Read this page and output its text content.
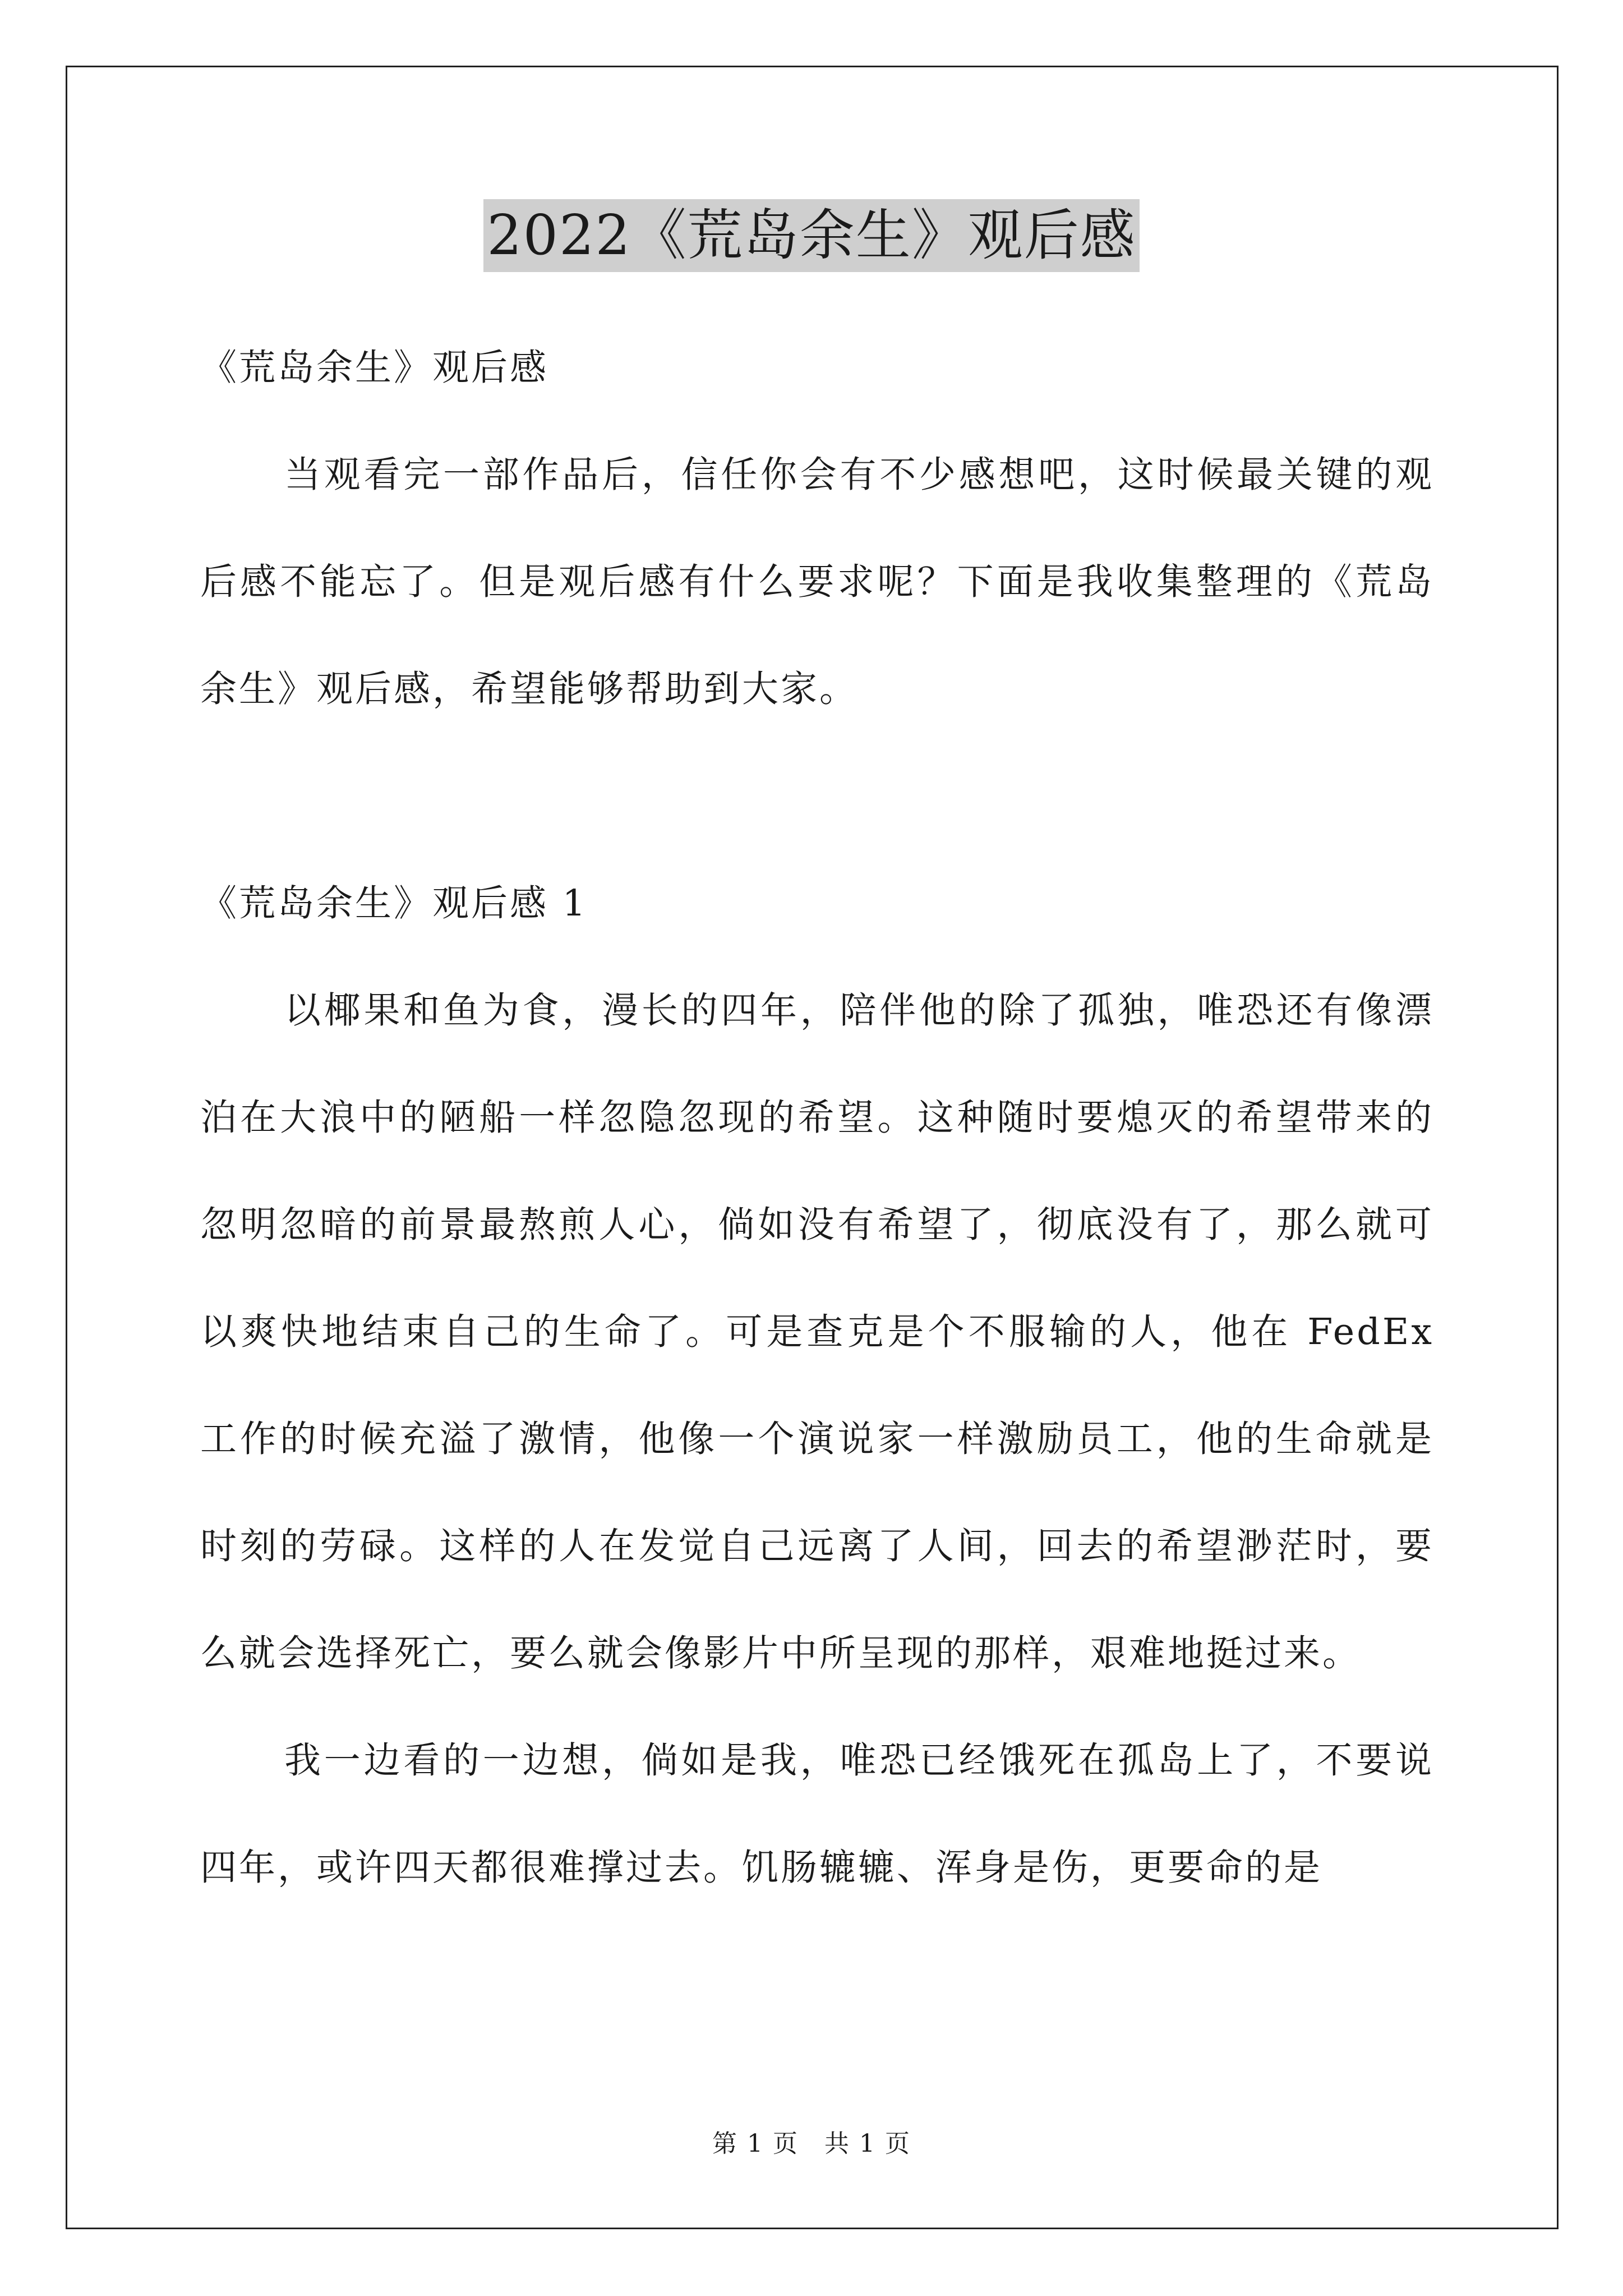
2022《荒岛余生》观后感

《荒岛余生》观后感

当观看完一部作品后，信任你会有不少感想吧，这时候最关键的观后感不能忘了。但是观后感有什么要求呢？下面是我收集整理的《荒岛余生》观后感，希望能够帮助到大家。

《荒岛余生》观后感 1

以椰果和鱼为食，漫长的四年，陪伴他的除了孤独，唯恐还有像漂泊在大浪中的陋船一样忽隐忽现的希望。这种随时要熄灭的希望带来的忽明忽暗的前景最熬煎人心，倘如没有希望了，彻底没有了，那么就可以爽快地结束自己的生命了。可是查克是个不服输的人，他在 FedEx 工作的时候充溢了激情，他像一个演说家一样激励员工，他的生命就是时刻的劳碌。这样的人在发觉自己远离了人间，回去的希望渺茫时，要么就会选择死亡，要么就会像影片中所呈现的那样，艰难地挺过来。

我一边看的一边想，倘如是我，唯恐已经饿死在孤岛上了，不要说四年，或许四天都很难撑过去。饥肠辘辘、浑身是伤，更要命的是

第 1 页　共 1 页
